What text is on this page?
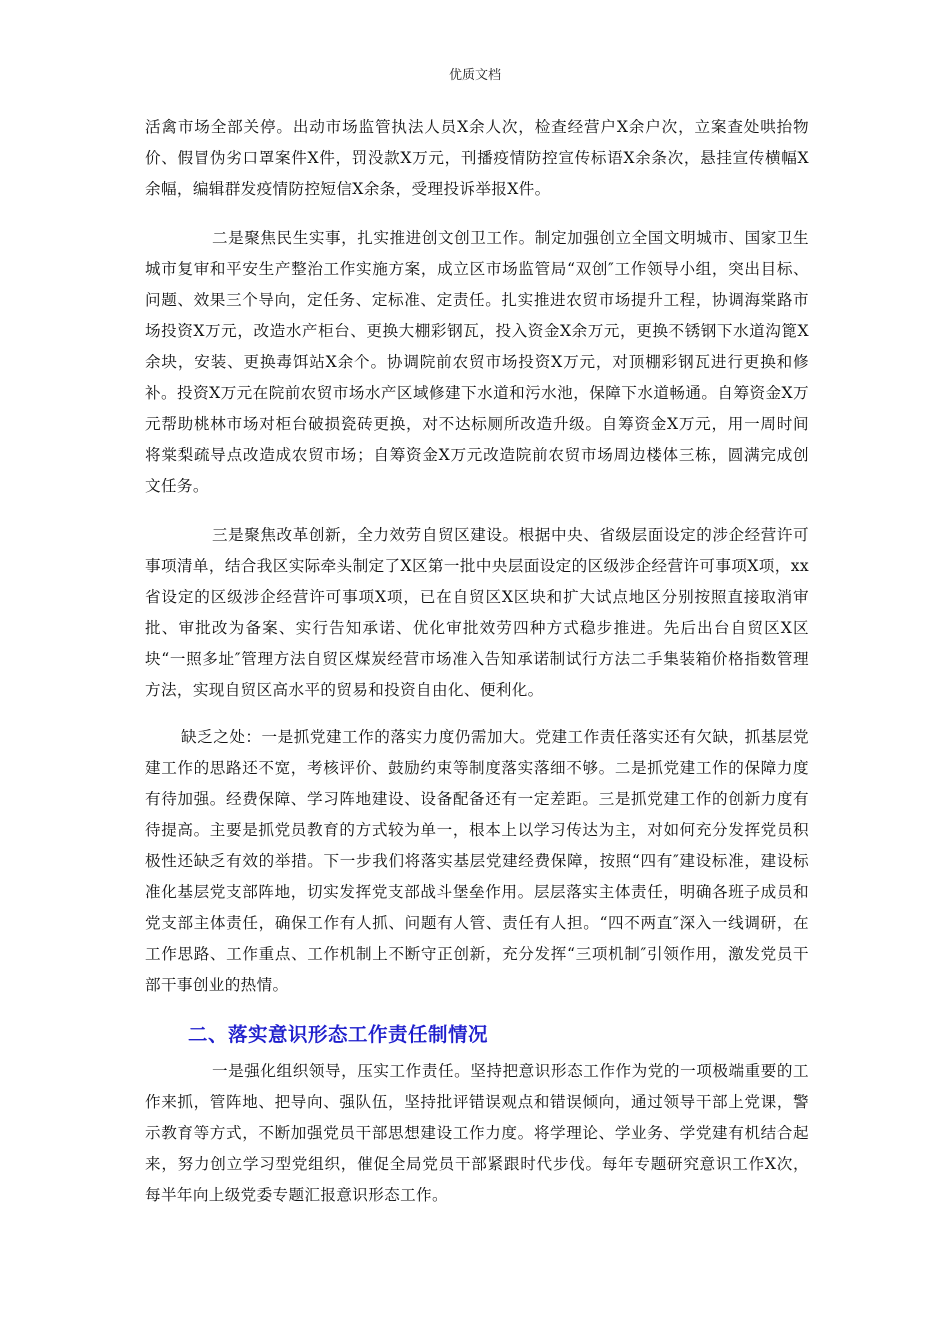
优质文档

活禽市场全部关停。出动市场监管执法人员X余人次，检查经营户X余户次，立案查处哄抬物价、假冒伪劣口罩案件X件，罚没款X万元，刊播疫情防控宣传标语X余条次，悬挂宣传横幅X余幅，编辑群发疫情防控短信X余条，受理投诉举报X件。

二是聚焦民生实事，扎实推进创文创卫工作。制定加强创立全国文明城市、国家卫生城市复审和平安生产整治工作实施方案，成立区市场监管局“双创″工作领导小组，突出目标、问题、效果三个导向，定任务、定标准、定责任。扎实推进农贸市场提升工程，协调海棠路市场投资X万元，改造水产柜台、更换大棚彩钢瓦，投入资金X余万元，更换不锈钢下水道沟篦X余块，安装、更换毒饵站X余个。协调院前农贸市场投资X万元，对顶棚彩钢瓦进行更换和修补。投资X万元在院前农贸市场水产区域修建下水道和污水池，保障下水道畅通。自筹资金X万元帮助桃林市场对柜台破损瓷砖更换，对不达标厕所改造升级。自筹资金X万元，用一周时间将棠梨疏导点改造成农贸市场；自筹资金X万元改造院前农贸市场周边楼体三栋，圆满完成创文任务。

三是聚焦改革创新，全力效劳自贸区建设。根据中央、省级层面设定的涉企经营许可事项清单，结合我区实际牵头制定了X区第一批中央层面设定的区级涉企经营许可事项X项，xx省设定的区级涉企经营许可事项X项，已在自贸区X区块和扩大试点地区分别按照直接取消审批、审批改为备案、实行告知承诺、优化审批效劳四种方式稳步推进。先后出台自贸区X区块“一照多址″管理方法自贸区煤炭经营市场准入告知承诺制试行方法二手集装箱价格指数管理方法，实现自贸区高水平的贸易和投资自由化、便利化。

缺乏之处：一是抓党建工作的落实力度仍需加大。党建工作责任落实还有欠缺，抓基层党建工作的思路还不宽，考核评价、鼓励约束等制度落实落细不够。二是抓党建工作的保障力度有待加强。经费保障、学习阵地建设、设备配备还有一定差距。三是抓党建工作的创新力度有待提高。主要是抓党员教育的方式较为单一，根本上以学习传达为主，对如何充分发挥党员积极性还缺乏有效的举措。下一步我们将落实基层党建经费保障，按照“四有″建设标准，建设标准化基层党支部阵地，切实发挥党支部战斗堡垒作用。层层落实主体责任，明确各班子成员和党支部主体责任，确保工作有人抓、问题有人管、责任有人担。“四不两直″深入一线调研，在工作思路、工作重点、工作机制上不断守正创新，充分发挥“三项机制″引领作用，激发党员干部干事创业的热情。

二、落实意识形态工作责任制情况

一是强化组织领导，压实工作责任。坚持把意识形态工作作为党的一项极端重要的工作来抓，管阵地、把导向、强队伍，坚持批评错误观点和错误倾向，通过领导干部上党课，警示教育等方式，不断加强党员干部思想建设工作力度。将学理论、学业务、学党建有机结合起来，努力创立学习型党组织，催促全局党员干部紧跟时代步伐。每年专题研究意识工作X次，每半年向上级党委专题汇报意识形态工作。
